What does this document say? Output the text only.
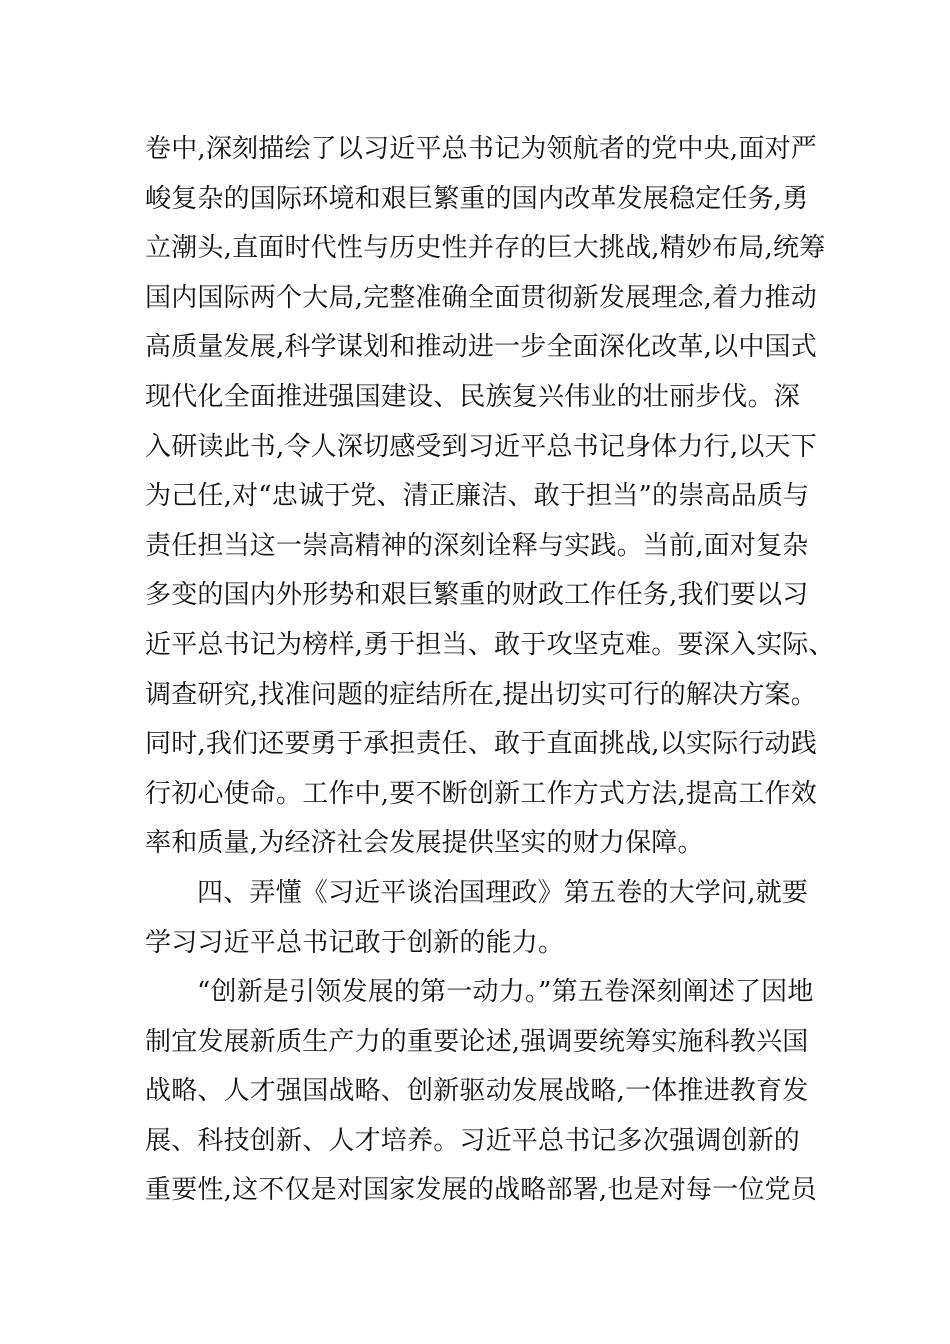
卷中,深刻描绘了以习近平总书记为领航者的党中央,面对严
峻复杂的国际环境和艰巨繁重的国内改革发展稳定任务,勇
立潮头,直面时代性与历史性并存的巨大挑战,精妙布局,统筹
国内国际两个大局,完整准确全面贯彻新发展理念,着力推动
高质量发展,科学谋划和推动进一步全面深化改革,以中国式
现代化全面推进强国建设、民族复兴伟业的壮丽步伐。深
入研读此书,令人深切感受到习近平总书记身体力行,以天下
为己任,对“忠诚于党、清正廉洁、敢于担当”的崇高品质与
责任担当这一崇高精神的深刻诠释与实践。当前,面对复杂
多变的国内外形势和艰巨繁重的财政工作任务,我们要以习
近平总书记为榜样,勇于担当、敢于攻坚克难。要深入实际、
调查研究,找准问题的症结所在,提出切实可行的解决方案。
同时,我们还要勇于承担责任、敢于直面挑战,以实际行动践
行初心使命。工作中,要不断创新工作方式方法,提高工作效
率和质量,为经济社会发展提供坚实的财力保障。
四、弄懂《习近平谈治国理政》第五卷的大学问,就要
学习习近平总书记敢于创新的能力。
“创新是引领发展的第一动力。”第五卷深刻阐述了因地
制宜发展新质生产力的重要论述,强调要统筹实施科教兴国
战略、人才强国战略、创新驱动发展战略,一体推进教育发
展、科技创新、人才培养。习近平总书记多次强调创新的
重要性,这不仅是对国家发展的战略部署,也是对每一位党员
